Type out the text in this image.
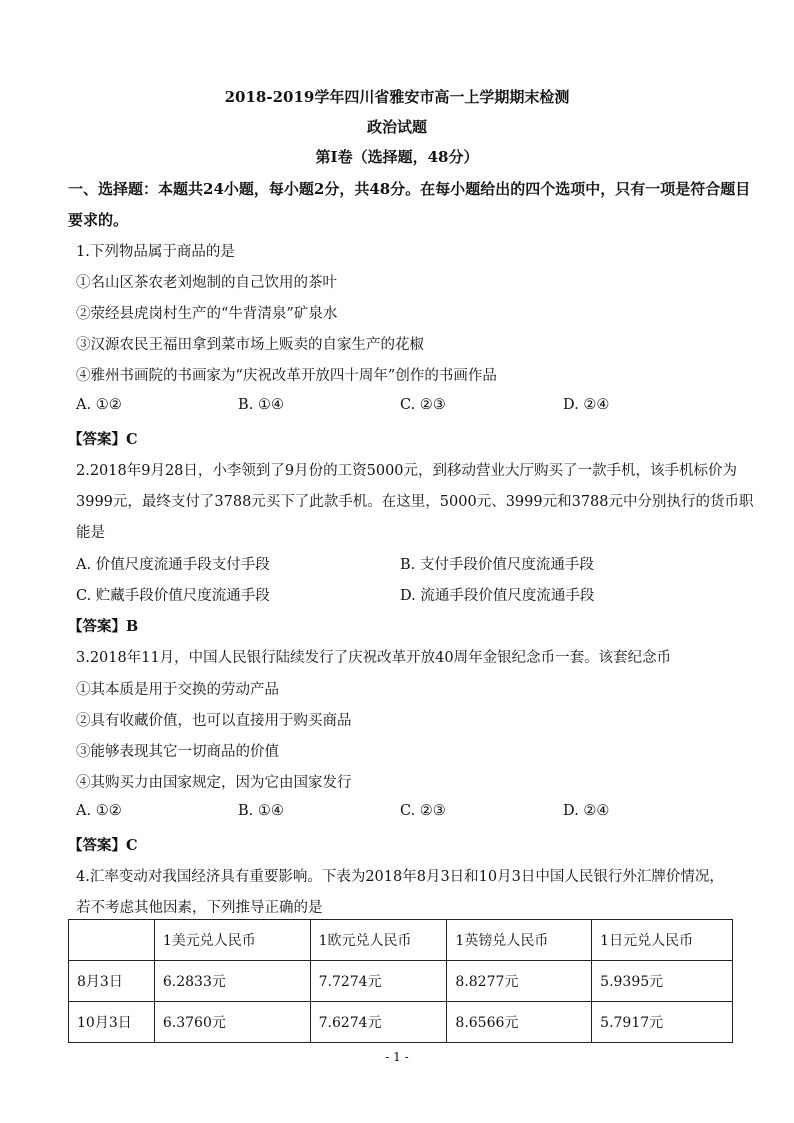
2018-2019学年四川省雅安市高一上学期期末检测
政治试题
第Ⅰ卷（选择题，48分）
一、选择题：本题共24小题，每小题2分，共48分。在每小题给出的四个选项中，只有一项是符合题目
要求的。
1.下列物品属于商品的是
①名山区茶农老刘炮制的自己饮用的茶叶
②荥经县虎岗村生产的“牛背清泉”矿泉水
③汉源农民王福田拿到菜市场上贩卖的自家生产的花椒
④雅州书画院的书画家为“庆祝改革开放四十周年”创作的书画作品
A. ①②	B. ①④	C. ②③	D. ②④
【答案】C
2.2018年9月28日，小李领到了9月份的工资5000元，到移动营业大厅购买了一款手机，该手机标价为
3999元，最终支付了3788元买下了此款手机。在这里，5000元、3999元和3788元中分别执行的货币职
能是
A. 价值尺度流通手段支付手段	B. 支付手段价值尺度流通手段
C. 贮藏手段价值尺度流通手段	D. 流通手段价值尺度流通手段
【答案】B
3.2018年11月，中国人民银行陆续发行了庆祝改革开放40周年金银纪念币一套。该套纪念币
①其本质是用于交换的劳动产品
②具有收藏价值，也可以直接用于购买商品
③能够表现其它一切商品的价值
④其购买力由国家规定，因为它由国家发行
A. ①②	B. ①④	C. ②③	D. ②④
【答案】C
4.汇率变动对我国经济具有重要影响。下表为2018年8月3日和10月3日中国人民银行外汇牌价情况，
若不考虑其他因素，下列推导正确的是
	1美元兑人民币	1欧元兑人民币	1英镑兑人民币	1日元兑人民币
8月3日	6.2833元	7.7274元	8.8277元	5.9395元
10月3日	6.3760元	7.6274元	8.6566元	5.7917元
- 1 -
